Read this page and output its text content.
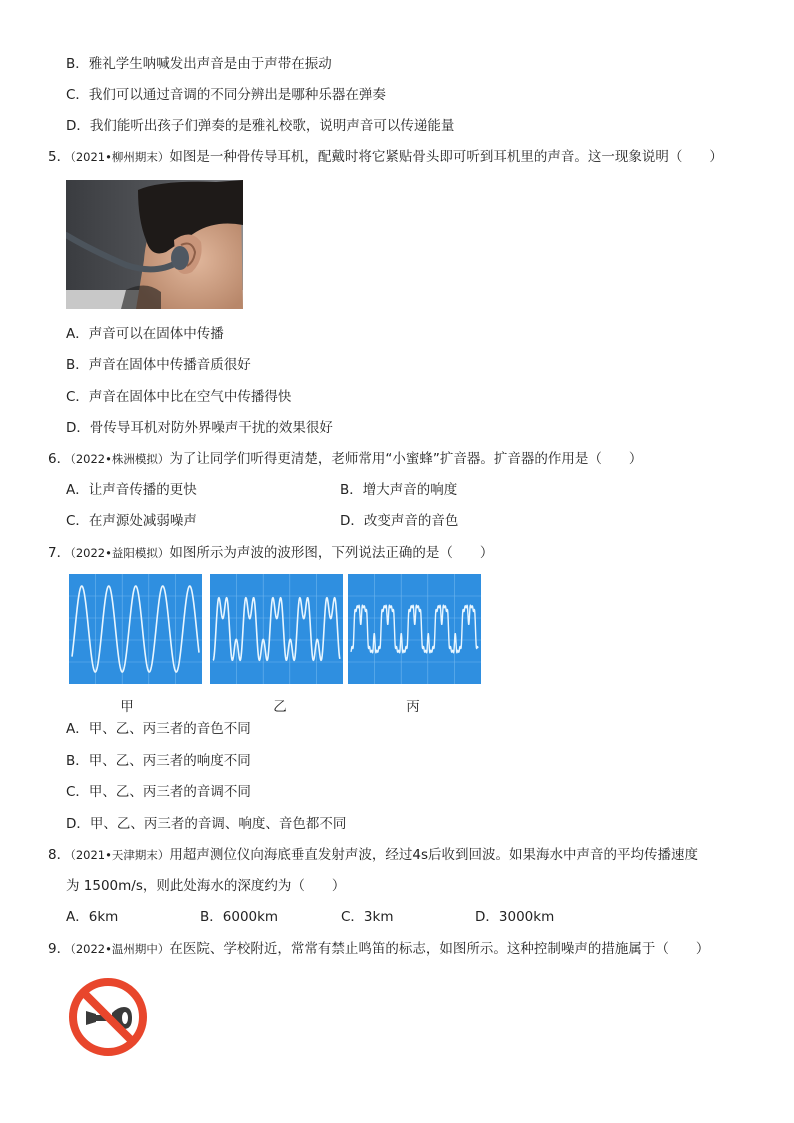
B．雅礼学生呐喊发出声音是由于声带在振动
C．我们可以通过音调的不同分辨出是哪种乐器在弹奏
D．我们能听出孩子们弹奏的是雅礼校歌，说明声音可以传递能量
5．（2021•柳州期末）如图是一种骨传导耳机，配戴时将它紧贴骨头即可听到耳机里的声音。这一现象说明（　　）
A．声音可以在固体中传播
B．声音在固体中传播音质很好
C．声音在固体中比在空气中传播得快
D．骨传导耳机对防外界噪声干扰的效果很好
6．（2022•株洲模拟）为了让同学们听得更清楚，老师常用“小蜜蜂”扩音器。扩音器的作用是（　　）
A．让声音传播的更快	B．增大声音的响度
C．在声源处减弱噪声	D．改变声音的音色
7．（2022•益阳模拟）如图所示为声波的波形图，下列说法正确的是（　　）
甲	乙	丙
A．甲、乙、丙三者的音色不同
B．甲、乙、丙三者的响度不同
C．甲、乙、丙三者的音调不同
D．甲、乙、丙三者的音调、响度、音色都不同
8．（2021•天津期末）用超声测位仪向海底垂直发射声波，经过4s后收到回波。如果海水中声音的平均传播速度
为 1500m/s，则此处海水的深度约为（　　）
A．6km	B．6000km	C．3km	D．3000km
9．（2022•温州期中）在医院、学校附近，常常有禁止鸣笛的标志，如图所示。这种控制噪声的措施属于（　　）
